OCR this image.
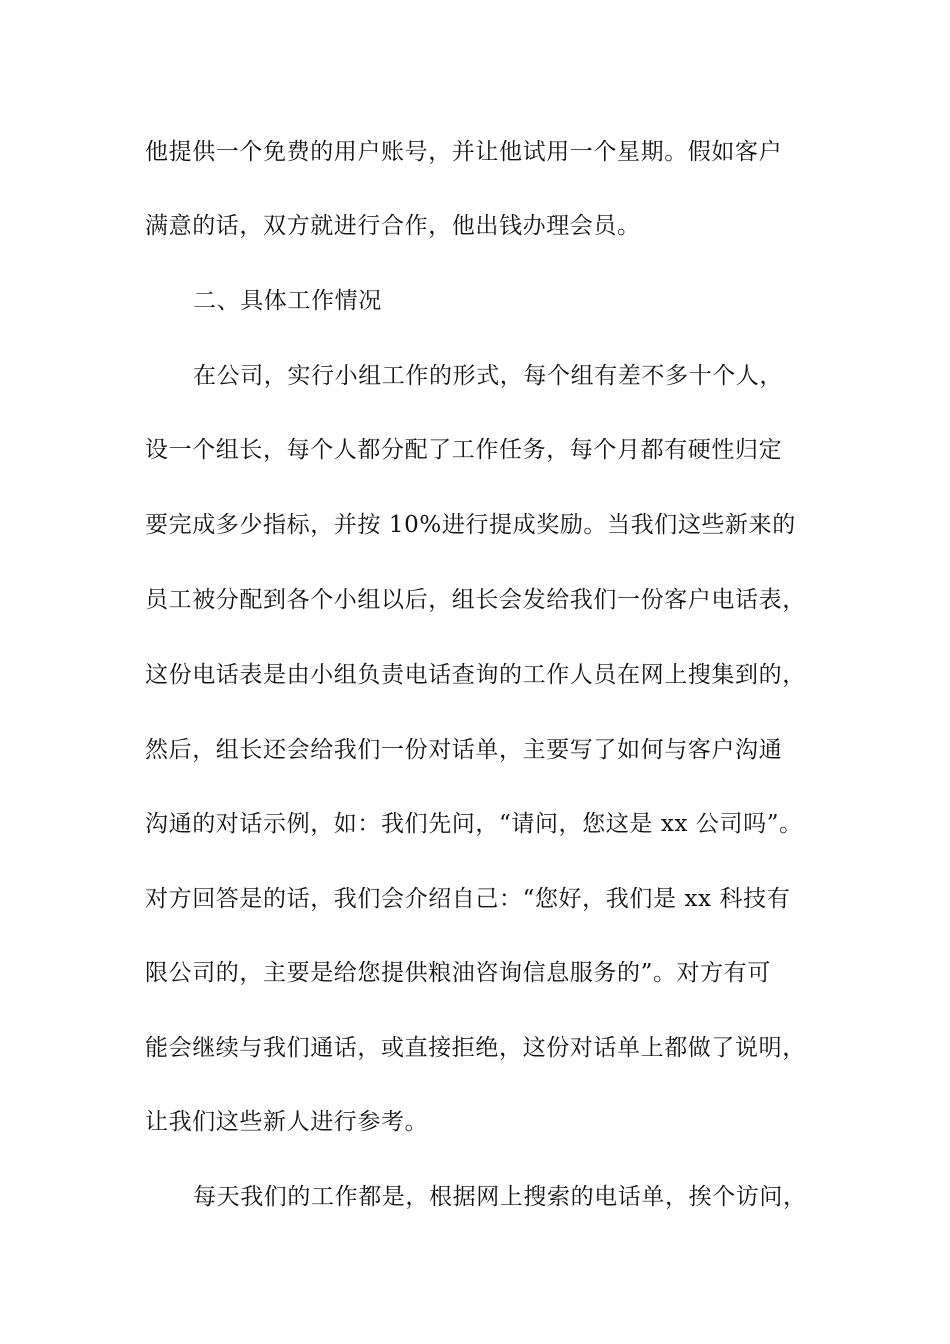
他提供一个免费的用户账号，并让他试用一个星期。假如客户
满意的话，双方就进行合作，他出钱办理会员。
二、具体工作情况
在公司，实行小组工作的形式，每个组有差不多十个人，
设一个组长，每个人都分配了工作任务，每个月都有硬性归定
要完成多少指标，并按 10%进行提成奖励。当我们这些新来的
员工被分配到各个小组以后，组长会发给我们一份客户电话表，
这份电话表是由小组负责电话查询的工作人员在网上搜集到的，
然后，组长还会给我们一份对话单，主要写了如何与客户沟通
沟通的对话示例，如：我们先问，“请问，您这是 xx 公司吗”。
对方回答是的话，我们会介绍自己：“您好，我们是 xx 科技有
限公司的，主要是给您提供粮油咨询信息服务的”。对方有可
能会继续与我们通话，或直接拒绝，这份对话单上都做了说明，
让我们这些新人进行参考。
每天我们的工作都是，根据网上搜索的电话单，挨个访问，
